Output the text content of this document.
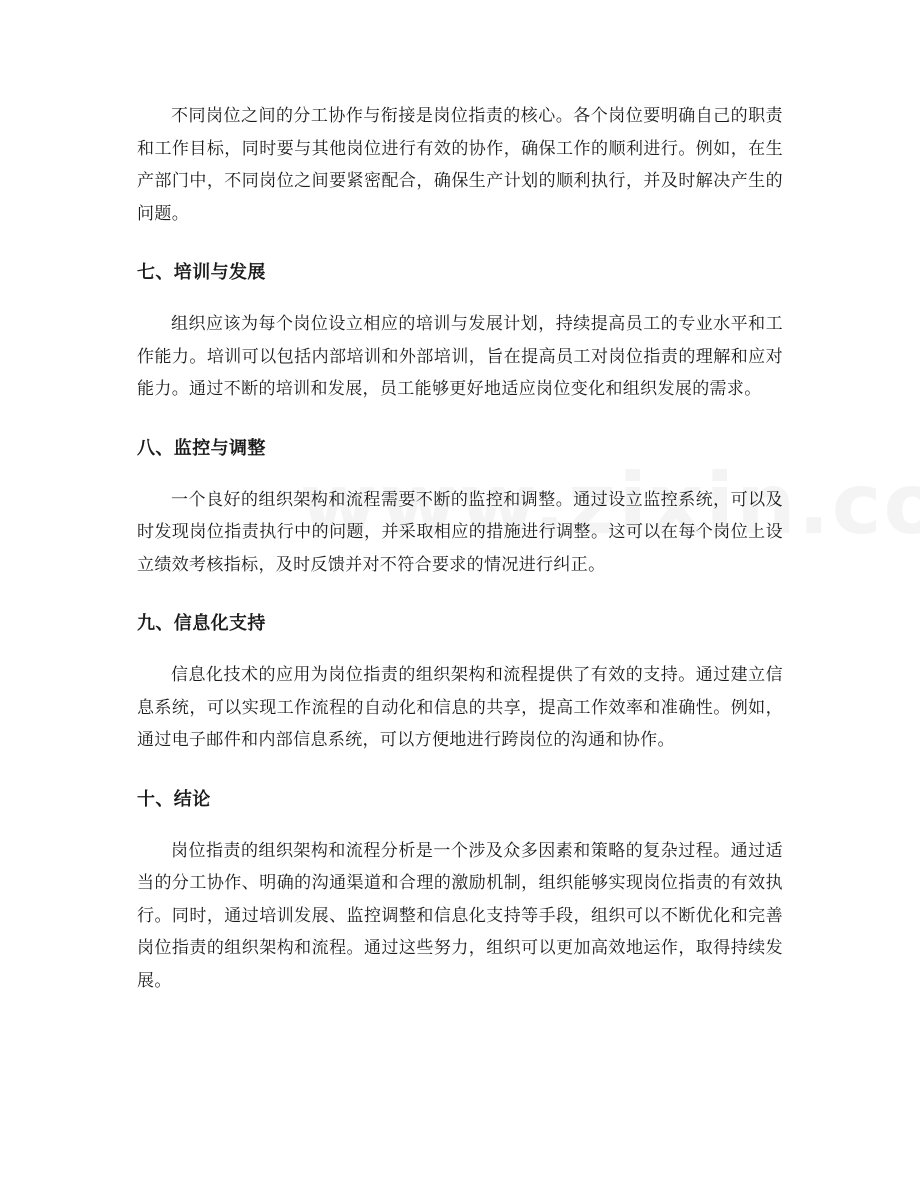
不同岗位之间的分工协作与衔接是岗位指责的核心。各个岗位要明确自己的职责和工作目标，同时要与其他岗位进行有效的协作，确保工作的顺利进行。例如，在生产部门中，不同岗位之间要紧密配合，确保生产计划的顺利执行，并及时解决产生的问题。

七、培训与发展

组织应该为每个岗位设立相应的培训与发展计划，持续提高员工的专业水平和工作能力。培训可以包括内部培训和外部培训，旨在提高员工对岗位指责的理解和应对能力。通过不断的培训和发展，员工能够更好地适应岗位变化和组织发展的需求。

八、监控与调整

一个良好的组织架构和流程需要不断的监控和调整。通过设立监控系统，可以及时发现岗位指责执行中的问题，并采取相应的措施进行调整。这可以在每个岗位上设立绩效考核指标，及时反馈并对不符合要求的情况进行纠正。

九、信息化支持

信息化技术的应用为岗位指责的组织架构和流程提供了有效的支持。通过建立信息系统，可以实现工作流程的自动化和信息的共享，提高工作效率和准确性。例如，通过电子邮件和内部信息系统，可以方便地进行跨岗位的沟通和协作。

十、结论

岗位指责的组织架构和流程分析是一个涉及众多因素和策略的复杂过程。通过适当的分工协作、明确的沟通渠道和合理的激励机制，组织能够实现岗位指责的有效执行。同时，通过培训发展、监控调整和信息化支持等手段，组织可以不断优化和完善岗位指责的组织架构和流程。通过这些努力，组织可以更加高效地运作，取得持续发展。
